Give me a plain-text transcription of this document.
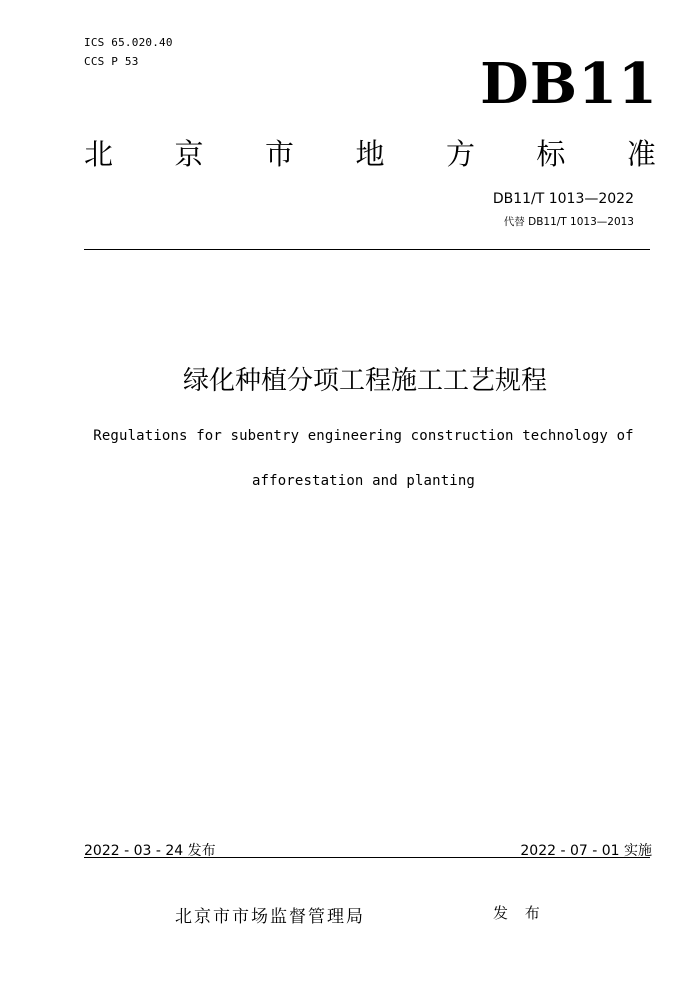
ICS 65.020.40
CCS P 53	DB11
北 京 市 地 方 标 准
DB11/T 1013—2022
代替 DB11/T 1013—2013
绿化种植分项工程施工工艺规程
Regulations for subentry engineering construction technology of
afforestation and planting
2022 - 03 - 24 发布	2022 - 07 - 01 实施
北京市市场监督管理局	发 布
